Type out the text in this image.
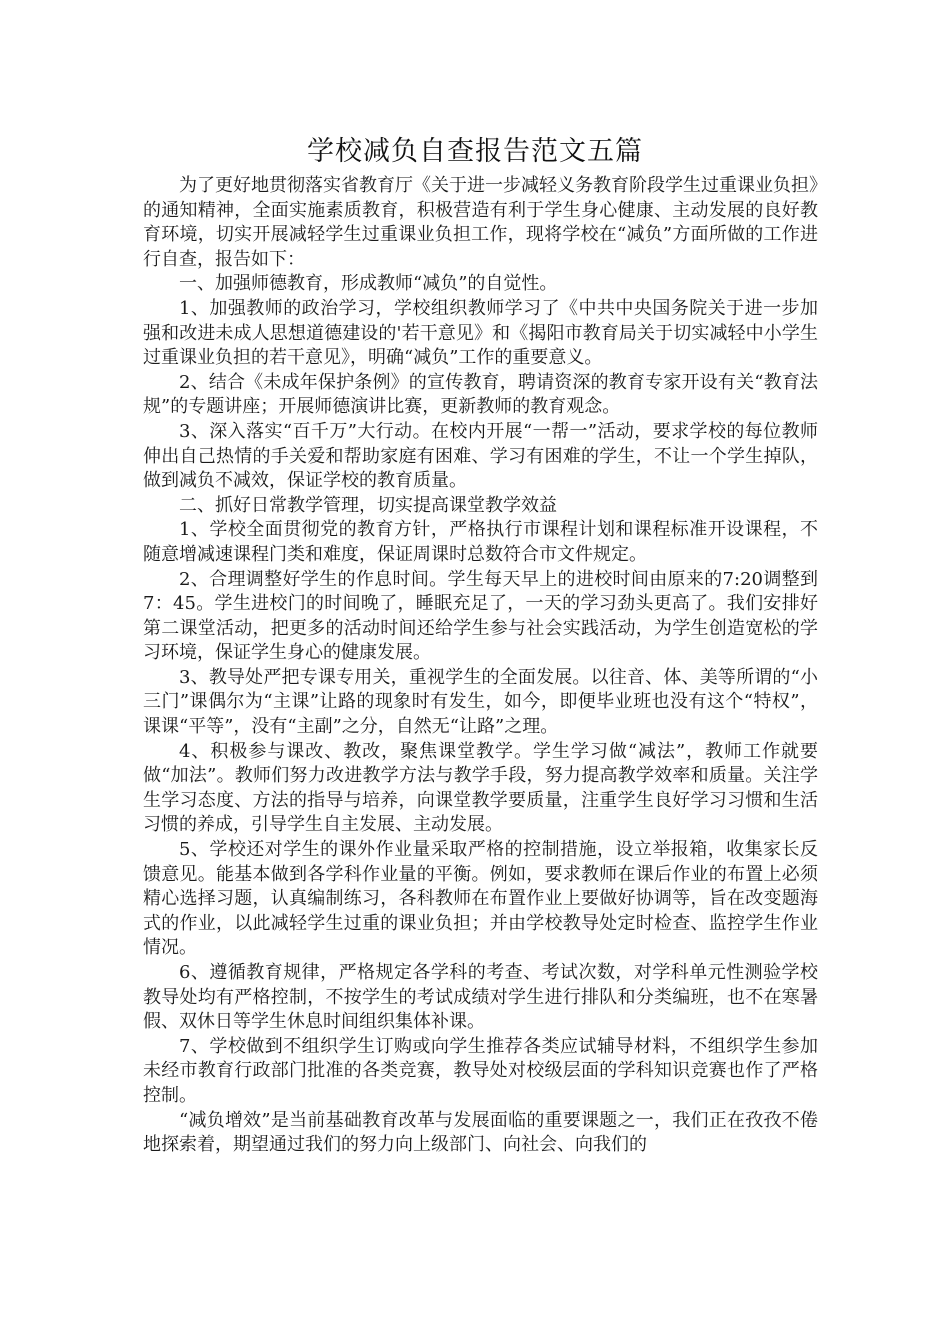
学校减负自查报告范文五篇

为了更好地贯彻落实省教育厅《关于进一步减轻义务教育阶段学生过重课业负担》的通知精神，全面实施素质教育，积极营造有利于学生身心健康、主动发展的良好教育环境，切实开展减轻学生过重课业负担工作，现将学校在“减负”方面所做的工作进行自查，报告如下：

一、加强师德教育，形成教师“减负”的自觉性。

1、加强教师的政治学习，学校组织教师学习了《中共中央国务院关于进一步加强和改进未成人思想道德建设的'若干意见》和《揭阳市教育局关于切实减轻中小学生过重课业负担的若干意见》，明确“减负”工作的重要意义。

2、结合《未成年保护条例》的宣传教育，聘请资深的教育专家开设有关“教育法规”的专题讲座；开展师德演讲比赛，更新教师的教育观念。

3、深入落实“百千万”大行动。在校内开展“一帮一”活动，要求学校的每位教师伸出自己热情的手关爱和帮助家庭有困难、学习有困难的学生，不让一个学生掉队，做到减负不减效，保证学校的教育质量。

二、抓好日常教学管理，切实提高课堂教学效益

1、学校全面贯彻党的教育方针，严格执行市课程计划和课程标准开设课程，不随意增减速课程门类和难度，保证周课时总数符合市文件规定。

2、合理调整好学生的作息时间。学生每天早上的进校时间由原来的7:20调整到7：45。学生进校门的时间晚了，睡眠充足了，一天的学习劲头更高了。我们安排好第二课堂活动，把更多的活动时间还给学生参与社会实践活动，为学生创造宽松的学习环境，保证学生身心的健康发展。

3、教导处严把专课专用关，重视学生的全面发展。以往音、体、美等所谓的“小三门”课偶尔为“主课”让路的现象时有发生，如今，即便毕业班也没有这个“特权”，课课“平等”，没有“主副”之分，自然无“让路”之理。

4、积极参与课改、教改，聚焦课堂教学。学生学习做“减法”，教师工作就要做“加法”。教师们努力改进教学方法与教学手段，努力提高教学效率和质量。关注学生学习态度、方法的指导与培养，向课堂教学要质量，注重学生良好学习习惯和生活习惯的养成，引导学生自主发展、主动发展。

5、学校还对学生的课外作业量采取严格的控制措施，设立举报箱，收集家长反馈意见。能基本做到各学科作业量的平衡。例如，要求教师在课后作业的布置上必须精心选择习题，认真编制练习，各科教师在布置作业上要做好协调等，旨在改变题海式的作业，以此减轻学生过重的课业负担；并由学校教导处定时检查、监控学生作业情况。

6、遵循教育规律，严格规定各学科的考查、考试次数，对学科单元性测验学校教导处均有严格控制，不按学生的考试成绩对学生进行排队和分类编班，也不在寒暑假、双休日等学生休息时间组织集体补课。

7、学校做到不组织学生订购或向学生推荐各类应试辅导材料，不组织学生参加未经市教育行政部门批准的各类竞赛，教导处对校级层面的学科知识竞赛也作了严格控制。

“减负增效”是当前基础教育改革与发展面临的重要课题之一，我们正在孜孜不倦地探索着，期望通过我们的努力向上级部门、向社会、向我们的
